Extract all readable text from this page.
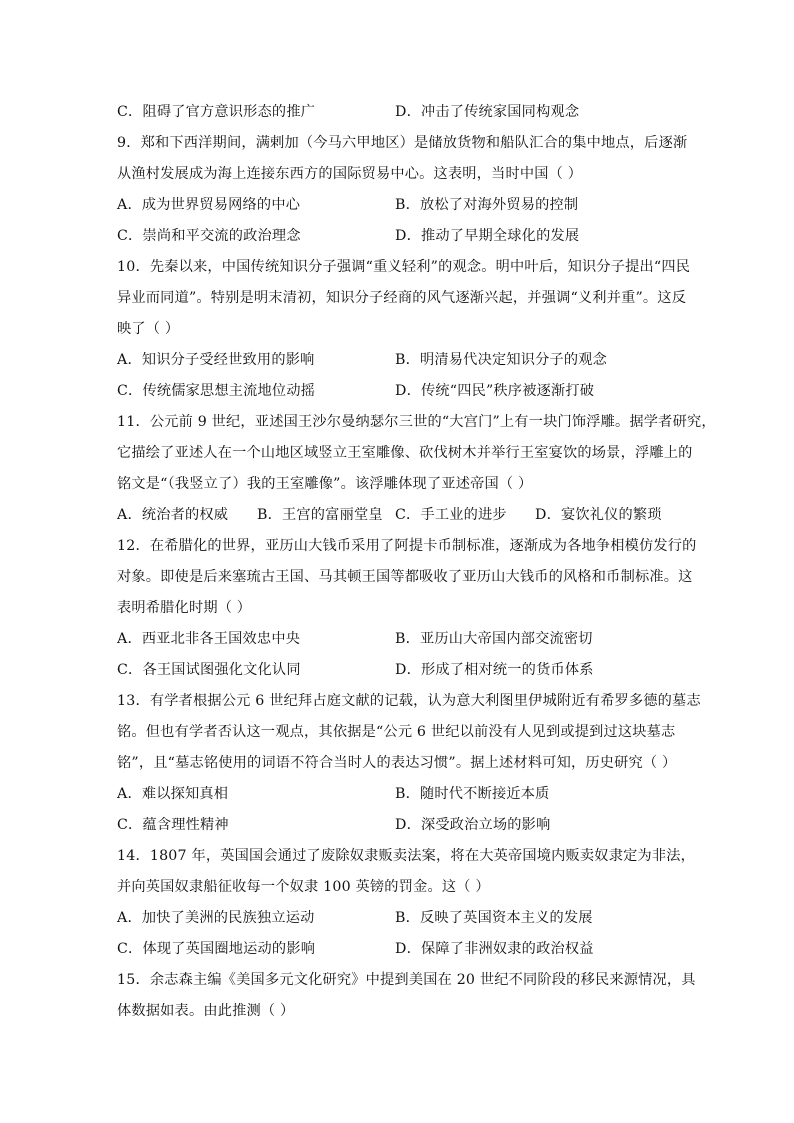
C．阻碍了官方意识形态的推广	D．冲击了传统家国同构观念
9．郑和下西洋期间，满剌加（今马六甲地区）是储放货物和船队汇合的集中地点，后逐渐
从渔村发展成为海上连接东西方的国际贸易中心。这表明，当时中国（ ）
A．成为世界贸易网络的中心	B．放松了对海外贸易的控制
C．崇尚和平交流的政治理念	D．推动了早期全球化的发展
10．先秦以来，中国传统知识分子强调“重义轻利”的观念。明中叶后，知识分子提出“四民
异业而同道”。特别是明末清初，知识分子经商的风气逐渐兴起，并强调“义利并重”。这反
映了（ ）
A．知识分子受经世致用的影响	B．明清易代决定知识分子的观念
C．传统儒家思想主流地位动摇	D．传统“四民”秩序被逐渐打破
11．公元前 9 世纪，亚述国王沙尔曼纳瑟尔三世的“大宫门”上有一块门饰浮雕。据学者研究，
它描绘了亚述人在一个山地区域竖立王室雕像、砍伐树木并举行王室宴饮的场景，浮雕上的
铭文是“（我竖立了）我的王室雕像”。该浮雕体现了亚述帝国（ ）
A．统治者的权威	B．王宫的富丽堂皇 C．手工业的进步	D．宴饮礼仪的繁琐
12．在希腊化的世界，亚历山大钱币采用了阿提卡币制标准，逐渐成为各地争相模仿发行的
对象。即使是后来塞琉古王国、马其顿王国等都吸收了亚历山大钱币的风格和币制标准。这
表明希腊化时期（ ）
A．西亚北非各王国效忠中央	B．亚历山大帝国内部交流密切
C．各王国试图强化文化认同	D．形成了相对统一的货币体系
13．有学者根据公元 6 世纪拜占庭文献的记载，认为意大利图里伊城附近有希罗多德的墓志
铭。但也有学者否认这一观点，其依据是“公元 6 世纪以前没有人见到或提到过这块墓志
铭”，且“墓志铭使用的词语不符合当时人的表达习惯”。据上述材料可知，历史研究（ ）
A．难以探知真相	B．随时代不断接近本质
C．蕴含理性精神	D．深受政治立场的影响
14．1807 年，英国国会通过了废除奴隶贩卖法案，将在大英帝国境内贩卖奴隶定为非法，
并向英国奴隶船征收每一个奴隶 100 英镑的罚金。这（ ）
A．加快了美洲的民族独立运动	B．反映了英国资本主义的发展
C．体现了英国圈地运动的影响	D．保障了非洲奴隶的政治权益
15．余志森主编《美国多元文化研究》中提到美国在 20 世纪不同阶段的移民来源情况，具
体数据如表。由此推测（ ）
